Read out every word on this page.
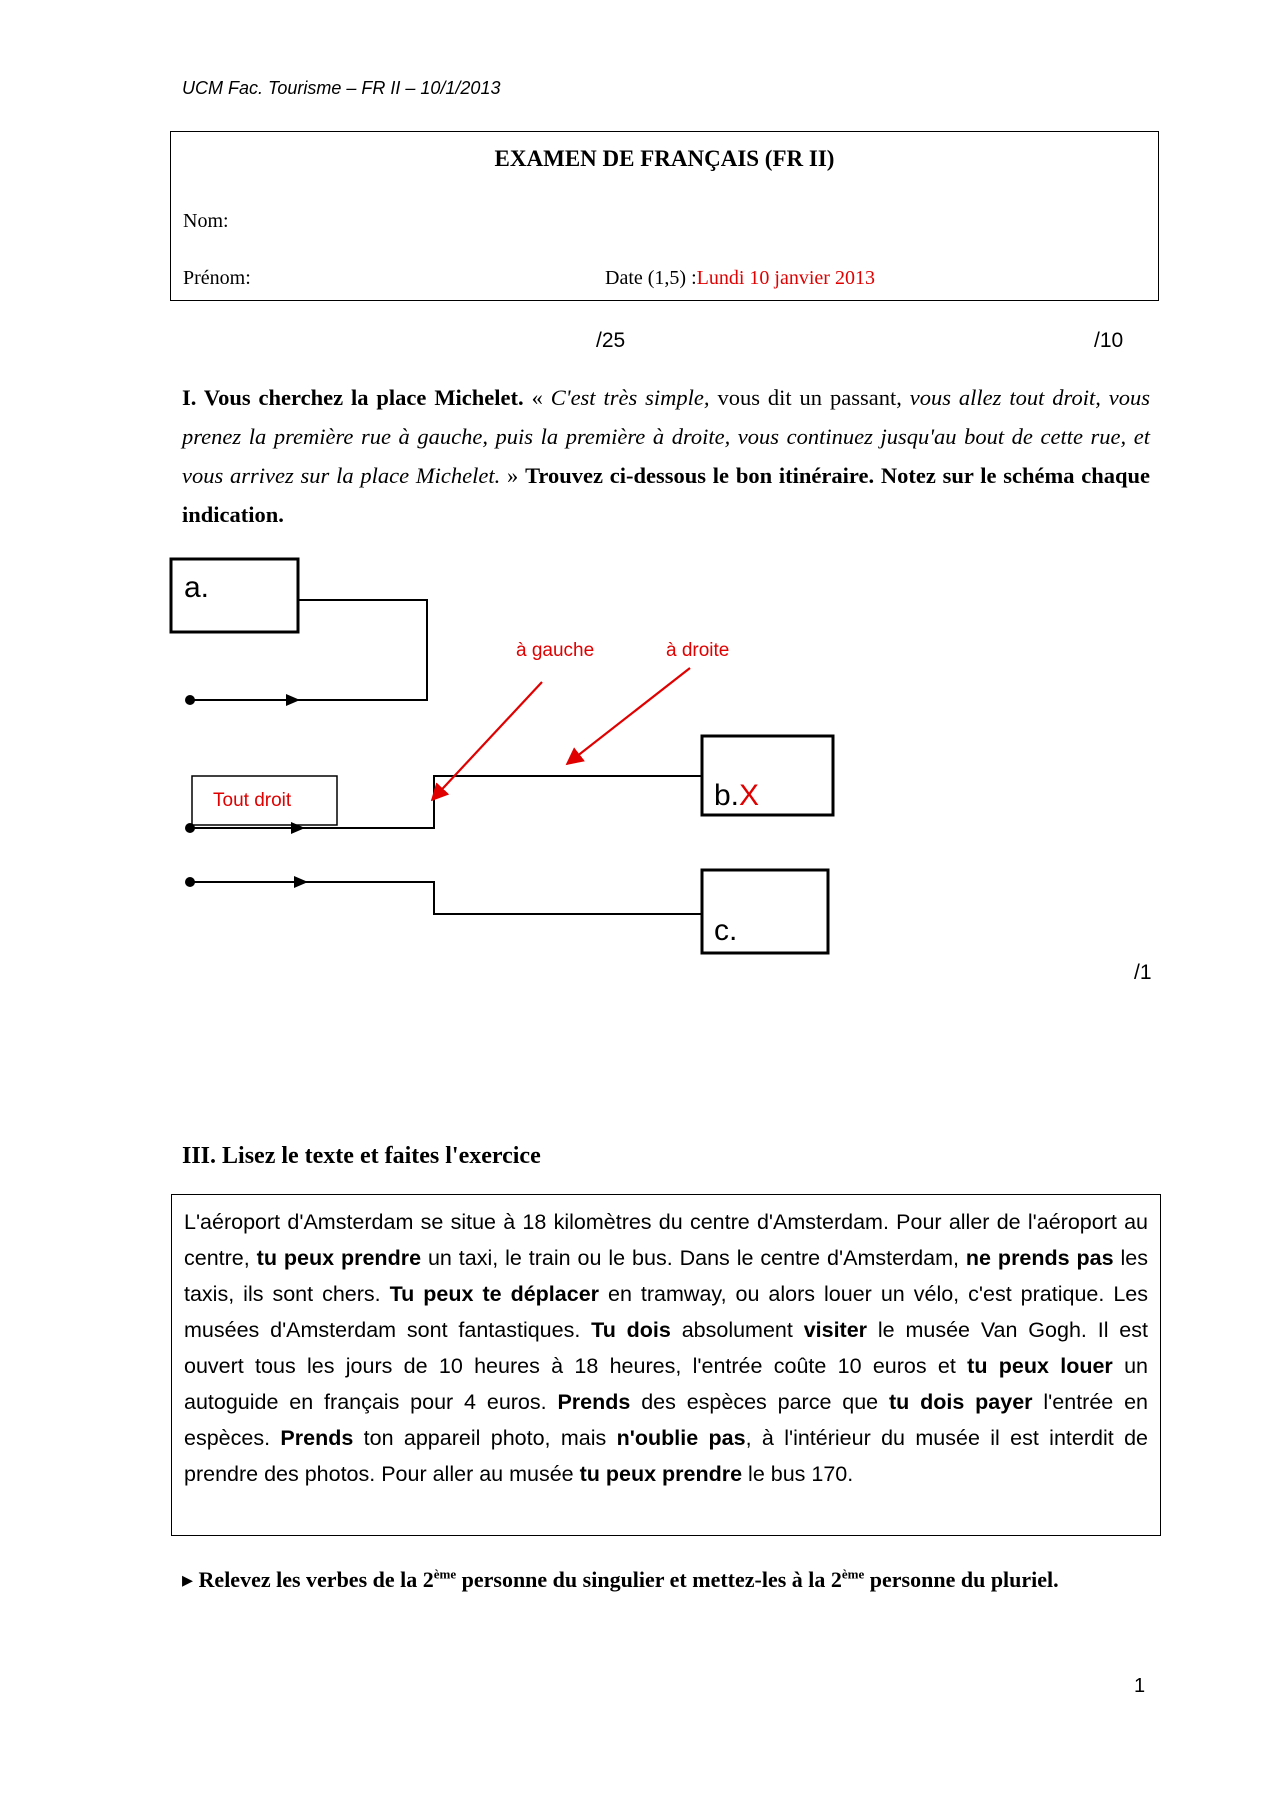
UCM Fac. Tourisme – FR II – 10/1/2013
EXAMEN DE FRANÇAIS (FR II)
Nom:
Prénom:	Date (1,5) :Lundi 10 janvier 2013
/25	/10
I. Vous cherchez la place Michelet. « C'est très simple, vous dit un passant, vous allez tout droit, vous prenez la première rue à gauche, puis la première à droite, vous continuez jusqu'au bout de cette rue, et vous arrivez sur la place Michelet. » Trouvez ci-dessous le bon itinéraire. Notez sur le schéma chaque indication.
a.
b.X
Tout droit
c.
à gauche	à droite
/1
III. Lisez le texte et faites l'exercice
L'aéroport d'Amsterdam se situe à 18 kilomètres du centre d'Amsterdam. Pour aller de l'aéroport au centre, tu peux prendre un taxi, le train ou le bus. Dans le centre d'Amsterdam, ne prends pas les taxis, ils sont chers. Tu peux te déplacer en tramway, ou alors louer un vélo, c'est pratique. Les musées d'Amsterdam sont fantastiques. Tu dois absolument visiter le musée Van Gogh. Il est ouvert tous les jours de 10 heures à 18 heures, l'entrée coûte 10 euros et tu peux louer un autoguide en français pour 4 euros. Prends des espèces parce que tu dois payer l'entrée en espèces. Prends ton appareil photo, mais n'oublie pas, à l'intérieur du musée il est interdit de prendre des photos. Pour aller au musée tu peux prendre le bus 170.
▸ Relevez les verbes de la 2ème personne du singulier et mettez-les à la 2ème personne du pluriel.
1
